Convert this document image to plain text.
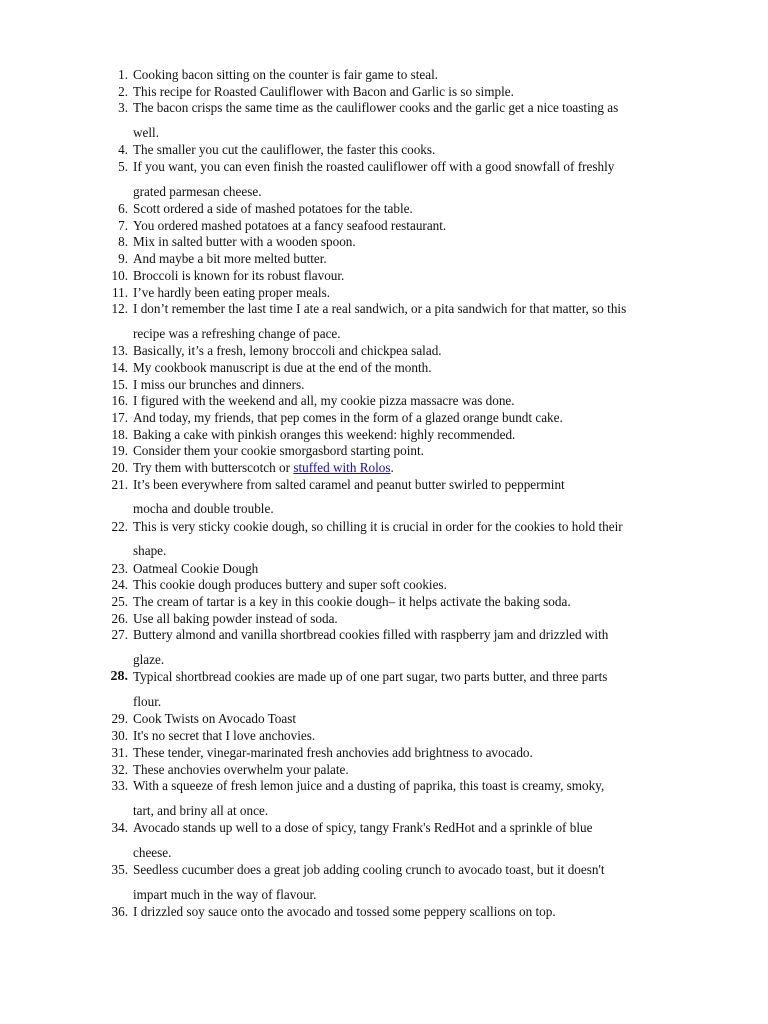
1. Cooking bacon sitting on the counter is fair game to steal.
2. This recipe for Roasted Cauliflower with Bacon and Garlic is so simple.
3. The bacon crisps the same time as the cauliflower cooks and the garlic get a nice toasting as
well.
4. The smaller you cut the cauliflower, the faster this cooks.
5. If you want, you can even finish the roasted cauliflower off with a good snowfall of freshly
grated parmesan cheese.
6. Scott ordered a side of mashed potatoes for the table.
7. You ordered mashed potatoes at a fancy seafood restaurant.
8. Mix in salted butter with a wooden spoon.
9. And maybe a bit more melted butter.
10. Broccoli is known for its robust flavour.
11. I’ve hardly been eating proper meals.
12. I don’t remember the last time I ate a real sandwich, or a pita sandwich for that matter, so this
recipe was a refreshing change of pace.
13. Basically, it’s a fresh, lemony broccoli and chickpea salad.
14. My cookbook manuscript is due at the end of the month.
15. I miss our brunches and dinners.
16. I figured with the weekend and all, my cookie pizza massacre was done.
17. And today, my friends, that pep comes in the form of a glazed orange bundt cake.
18. Baking a cake with pinkish oranges this weekend: highly recommended.
19. Consider them your cookie smorgasbord starting point.
20. Try them with butterscotch or stuffed with Rolos.
21. It’s been everywhere from salted caramel and peanut butter swirled to peppermint
mocha and double trouble.
22. This is very sticky cookie dough, so chilling it is crucial in order for the cookies to hold their
shape.
23. Oatmeal Cookie Dough
24. This cookie dough produces buttery and super soft cookies.
25. The cream of tartar is a key in this cookie dough– it helps activate the baking soda.
26. Use all baking powder instead of soda.
27. Buttery almond and vanilla shortbread cookies filled with raspberry jam and drizzled with
glaze.
28. Typical shortbread cookies are made up of one part sugar, two parts butter, and three parts
flour.
29. Cook Twists on Avocado Toast
30. It's no secret that I love anchovies.
31. These tender, vinegar-marinated fresh anchovies add brightness to avocado.
32. These anchovies overwhelm your palate.
33. With a squeeze of fresh lemon juice and a dusting of paprika, this toast is creamy, smoky,
tart, and briny all at once.
34. Avocado stands up well to a dose of spicy, tangy Frank's RedHot and a sprinkle of blue
cheese.
35. Seedless cucumber does a great job adding cooling crunch to avocado toast, but it doesn't
impart much in the way of flavour.
36. I drizzled soy sauce onto the avocado and tossed some peppery scallions on top.
